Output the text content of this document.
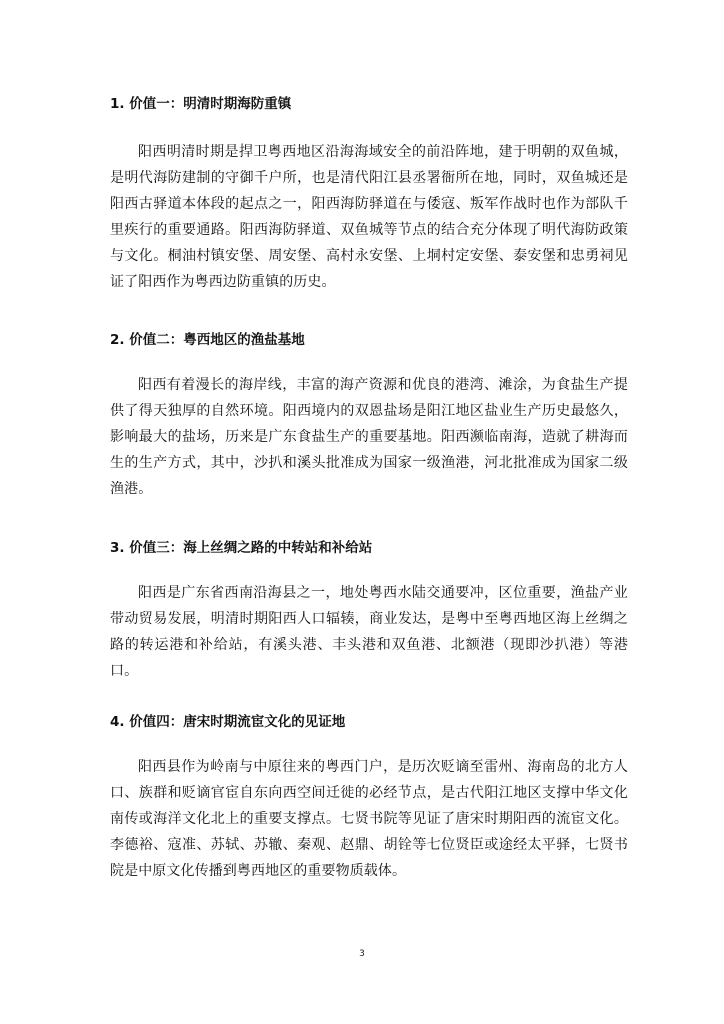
1. 价值一：明清时期海防重镇

阳西明清时期是捍卫粤西地区沿海海域安全的前沿阵地，建于明朝的双鱼城，是明代海防建制的守御千户所，也是清代阳江县丞署衙所在地，同时，双鱼城还是阳西古驿道本体段的起点之一，阳西海防驿道在与倭寇、叛军作战时也作为部队千里疾行的重要通路。阳西海防驿道、双鱼城等节点的结合充分体现了明代海防政策与文化。桐油村镇安堡、周安堡、高村永安堡、上垌村定安堡、泰安堡和忠勇祠见证了阳西作为粤西边防重镇的历史。

2. 价值二：粤西地区的渔盐基地

阳西有着漫长的海岸线，丰富的海产资源和优良的港湾、滩涂，为食盐生产提供了得天独厚的自然环境。阳西境内的双恩盐场是阳江地区盐业生产历史最悠久，影响最大的盐场，历来是广东食盐生产的重要基地。阳西濒临南海，造就了耕海而生的生产方式，其中，沙扒和溪头批准成为国家一级渔港，河北批准成为国家二级渔港。

3. 价值三：海上丝绸之路的中转站和补给站

阳西是广东省西南沿海县之一，地处粤西水陆交通要冲，区位重要，渔盐产业带动贸易发展，明清时期阳西人口辐辏，商业发达，是粤中至粤西地区海上丝绸之路的转运港和补给站，有溪头港、丰头港和双鱼港、北额港（现即沙扒港）等港口。

4. 价值四：唐宋时期流宦文化的见证地

阳西县作为岭南与中原往来的粤西门户，是历次贬谪至雷州、海南岛的北方人口、族群和贬谪官宦自东向西空间迁徙的必经节点，是古代阳江地区支撑中华文化南传或海洋文化北上的重要支撑点。七贤书院等见证了唐宋时期阳西的流宦文化。李德裕、寇准、苏轼、苏辙、秦观、赵鼎、胡铨等七位贤臣或途经太平驿，七贤书院是中原文化传播到粤西地区的重要物质载体。

3
